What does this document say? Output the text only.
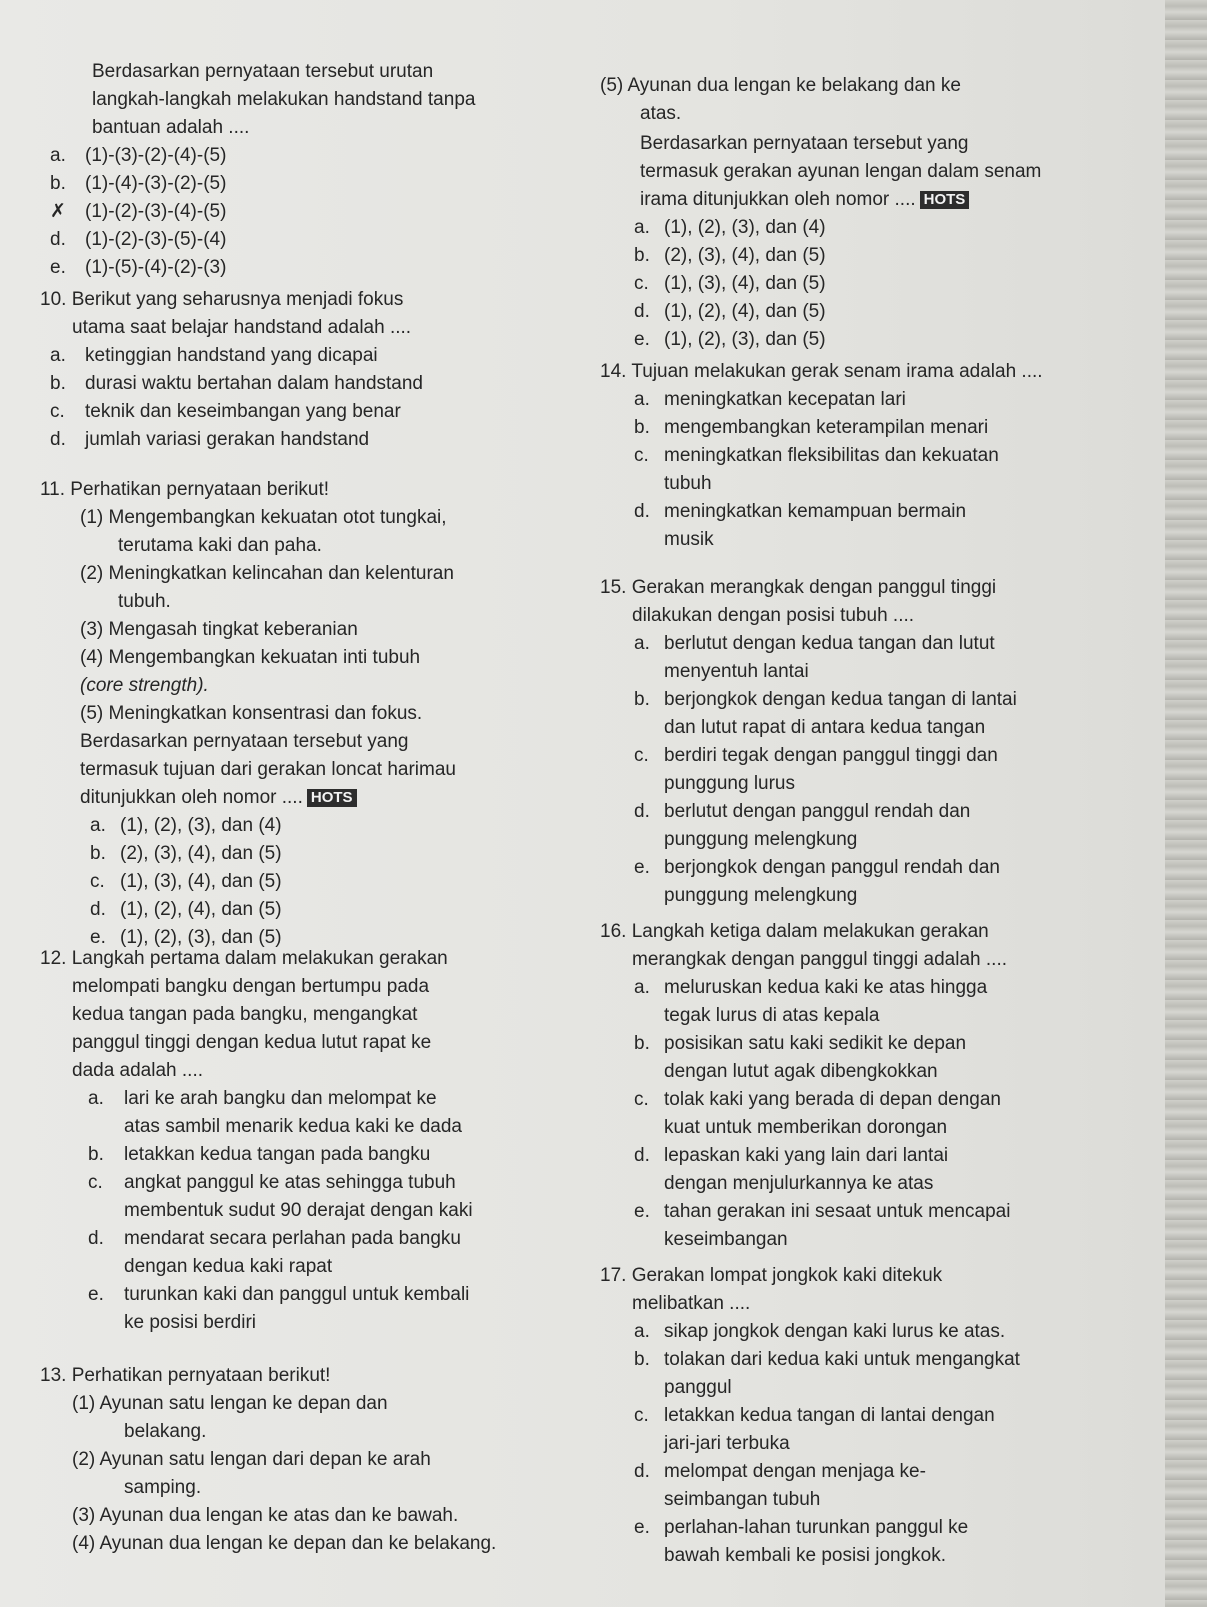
Berdasarkan pernyataan tersebut urutan
langkah-langkah melakukan handstand tanpa
bantuan adalah ....
a. (1)-(3)-(2)-(4)-(5)
b. (1)-(4)-(3)-(2)-(5)
✗ (1)-(2)-(3)-(4)-(5)
d. (1)-(2)-(3)-(5)-(4)
e. (1)-(5)-(4)-(2)-(3)
10. Berikut yang seharusnya menjadi fokus
utama saat belajar handstand adalah ....
a. ketinggian handstand yang dicapai
b. durasi waktu bertahan dalam handstand
c. teknik dan keseimbangan yang benar
d. jumlah variasi gerakan handstand
11. Perhatikan pernyataan berikut!
(1) Mengembangkan kekuatan otot tungkai,
terutama kaki dan paha.
(2) Meningkatkan kelincahan dan kelenturan
tubuh.
(3) Mengasah tingkat keberanian
(4) Mengembangkan kekuatan inti tubuh
(core strength).
(5) Meningkatkan konsentrasi dan fokus.
Berdasarkan pernyataan tersebut yang
termasuk tujuan dari gerakan loncat harimau
ditunjukkan oleh nomor .... HOTS
a. (1), (2), (3), dan (4)
b. (2), (3), (4), dan (5)
c. (1), (3), (4), dan (5)
d. (1), (2), (4), dan (5)
e. (1), (2), (3), dan (5)
12. Langkah pertama dalam melakukan gerakan
melompati bangku dengan bertumpu pada
kedua tangan pada bangku, mengangkat
panggul tinggi dengan kedua lutut rapat ke
dada adalah ....
a. lari ke arah bangku dan melompat ke
atas sambil menarik kedua kaki ke dada
b. letakkan kedua tangan pada bangku
c. angkat panggul ke atas sehingga tubuh
membentuk sudut 90 derajat dengan kaki
d. mendarat secara perlahan pada bangku
dengan kedua kaki rapat
e. turunkan kaki dan panggul untuk kembali
ke posisi berdiri
13. Perhatikan pernyataan berikut!
(1) Ayunan satu lengan ke depan dan
belakang.
(2) Ayunan satu lengan dari depan ke arah
samping.
(3) Ayunan dua lengan ke atas dan ke bawah.
(4) Ayunan dua lengan ke depan dan ke belakang.
(5) Ayunan dua lengan ke belakang dan ke
atas.
Berdasarkan pernyataan tersebut yang
termasuk gerakan ayunan lengan dalam senam
irama ditunjukkan oleh nomor .... HOTS
a. (1), (2), (3), dan (4)
b. (2), (3), (4), dan (5)
c. (1), (3), (4), dan (5)
d. (1), (2), (4), dan (5)
e. (1), (2), (3), dan (5)
14. Tujuan melakukan gerak senam irama adalah ....
a. meningkatkan kecepatan lari
b. mengembangkan keterampilan menari
c. meningkatkan fleksibilitas dan kekuatan
tubuh
d. meningkatkan kemampuan bermain
musik
15. Gerakan merangkak dengan panggul tinggi
dilakukan dengan posisi tubuh ....
a. berlutut dengan kedua tangan dan lutut
menyentuh lantai
b. berjongkok dengan kedua tangan di lantai
dan lutut rapat di antara kedua tangan
c. berdiri tegak dengan panggul tinggi dan
punggung lurus
d. berlutut dengan panggul rendah dan
punggung melengkung
e. berjongkok dengan panggul rendah dan
punggung melengkung
16. Langkah ketiga dalam melakukan gerakan
merangkak dengan panggul tinggi adalah ....
a. meluruskan kedua kaki ke atas hingga
tegak lurus di atas kepala
b. posisikan satu kaki sedikit ke depan
dengan lutut agak dibengkokkan
c. tolak kaki yang berada di depan dengan
kuat untuk memberikan dorongan
d. lepaskan kaki yang lain dari lantai
dengan menjulurkannya ke atas
e. tahan gerakan ini sesaat untuk mencapai
keseimbangan
17. Gerakan lompat jongkok kaki ditekuk
melibatkan ....
a. sikap jongkok dengan kaki lurus ke atas.
b. tolakan dari kedua kaki untuk mengangkat
panggul
c. letakkan kedua tangan di lantai dengan
jari-jari terbuka
d. melompat dengan menjaga ke-
seimbangan tubuh
e. perlahan-lahan turunkan panggul ke
bawah kembali ke posisi jongkok.
